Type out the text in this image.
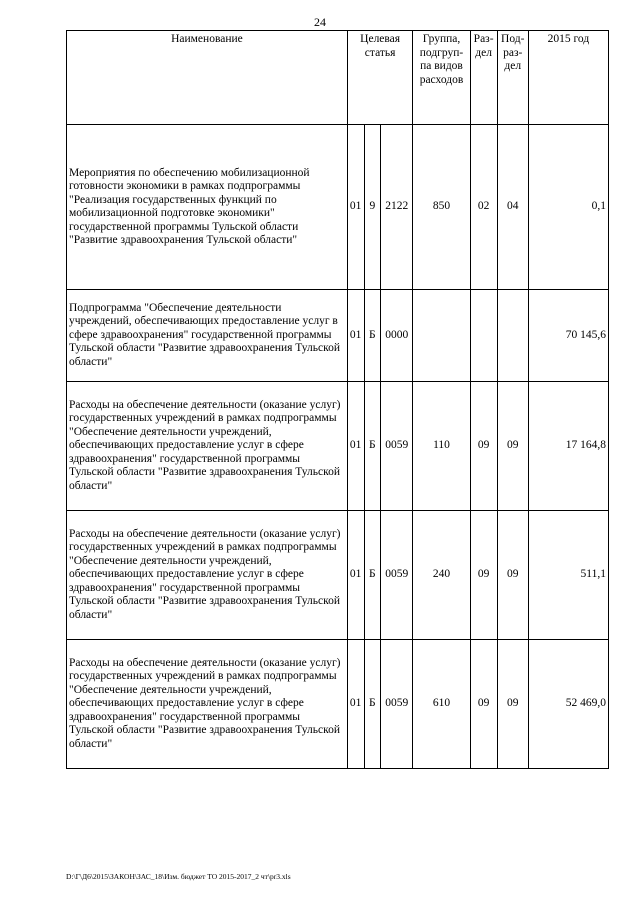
24
Наименование	Целевая статья			Группа, подгруп-па видов расходов	Раз-дел	Под-раз-дел	2015 год
Мероприятия по обеспечению мобилизационной готовности экономики в рамках подпрограммы "Реализация государственных функций по мобилизационной подготовке экономики" государственной программы Тульской области "Развитие здравоохранения Тульской области"	01	9	2122	850	02	04	0,1
Подпрограмма "Обеспечение деятельности учреждений, обеспечивающих предоставление услуг в сфере здравоохранения" государственной программы Тульской области "Развитие здравоохранения Тульской области"	01	Б	0000				70 145,6
Расходы на обеспечение деятельности (оказание услуг) государственных учреждений в рамках подпрограммы "Обеспечение деятельности учреждений, обеспечивающих предоставление услуг в сфере здравоохранения" государственной программы Тульской области "Развитие здравоохранения Тульской области"	01	Б	0059	110	09	09	17 164,8
Расходы на обеспечение деятельности (оказание услуг) государственных учреждений в рамках подпрограммы "Обеспечение деятельности учреждений, обеспечивающих предоставление услуг в сфере здравоохранения" государственной программы Тульской области "Развитие здравоохранения Тульской области"	01	Б	0059	240	09	09	511,1
Расходы на обеспечение деятельности (оказание услуг) государственных учреждений в рамках подпрограммы "Обеспечение деятельности учреждений, обеспечивающих предоставление услуг в сфере здравоохранения" государственной программы Тульской области "Развитие здравоохранения Тульской области"	01	Б	0059	610	09	09	52 469,0
D:\Г\Д6\2015\ЗАКОН\ЗАС_18\Изм. бюджет ТО 2015-2017_2 чт\pr3.xls
